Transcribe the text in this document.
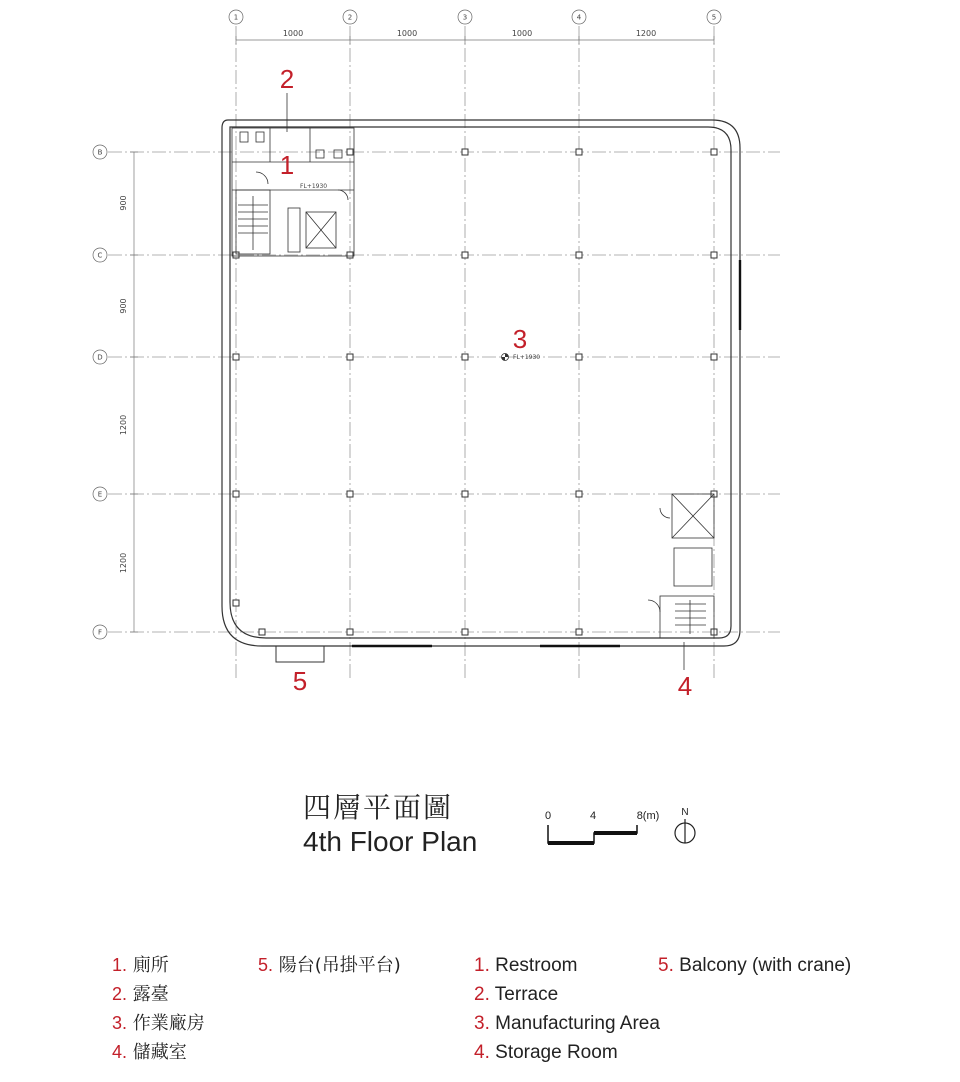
1000	1000	1000	1200
900
900
1200
1200
1	2	3	4	5
B
C
D
E
F
FL+1930
FL+1930
2
1
3
5	4
四層平面圖
4th Floor Plan
0	4	8(m) N
1. 廁所
2. 露臺
3. 作業廠房
4. 儲藏室
5. 陽台(吊掛平台)	1. Restroom
2. Terrace
3. Manufacturing Area
4. Storage Room
5. Balcony (with crane)
